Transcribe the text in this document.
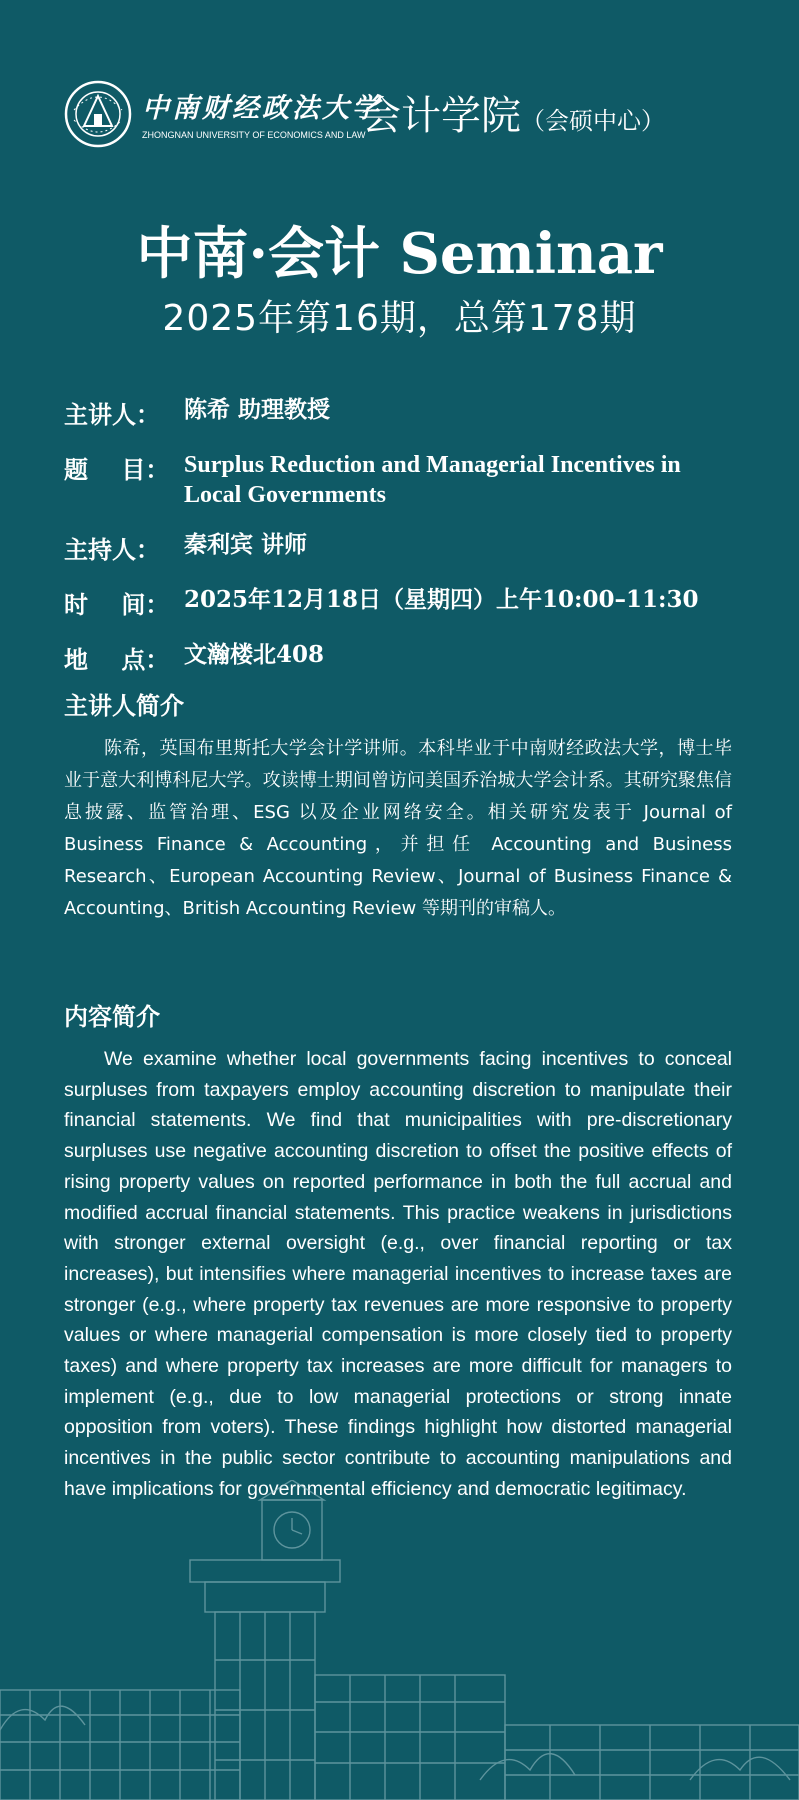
中南财经政法大学
ZHONGNAN UNIVERSITY OF ECONOMICS AND LAW
会计学院（会硕中心）
中南·会计 Seminar
2025年第16期，总第178期
主讲人：	陈希 助理教授
题    目： Surplus Reduction and Managerial Incentives in Local Governments
主持人：	秦利宾 讲师
时    间： 2025年12月18日（星期四）上午10:00–11:30
地    点： 文瀚楼北408
主讲人简介
陈希，英国布里斯托大学会计学讲师。本科毕业于中南财经政法大学，博士毕业于意大利博科尼大学。攻读博士期间曾访问美国乔治城大学会计系。其研究聚焦信息披露、监管治理、ESG 以及企业网络安全。相关研究发表于 Journal of Business Finance & Accounting，并担任 Accounting and Business Research、European Accounting Review、Journal of Business Finance & Accounting、British Accounting Review 等期刊的审稿人。
内容简介
We examine whether local governments facing incentives to conceal surpluses from taxpayers employ accounting discretion to manipulate their financial statements. We find that municipalities with pre-discretionary surpluses use negative accounting discretion to offset the positive effects of rising property values on reported performance in both the full accrual and modified accrual financial statements. This practice weakens in jurisdictions with stronger external oversight (e.g., over financial reporting or tax increases), but intensifies where managerial incentives to increase taxes are stronger (e.g., where property tax revenues are more responsive to property values or where managerial compensation is more closely tied to property taxes) and where property tax increases are more difficult for managers to implement (e.g., due to low managerial protections or strong innate opposition from voters). These findings highlight how distorted managerial incentives in the public sector contribute to accounting manipulations and have implications for governmental efficiency and democratic legitimacy.
